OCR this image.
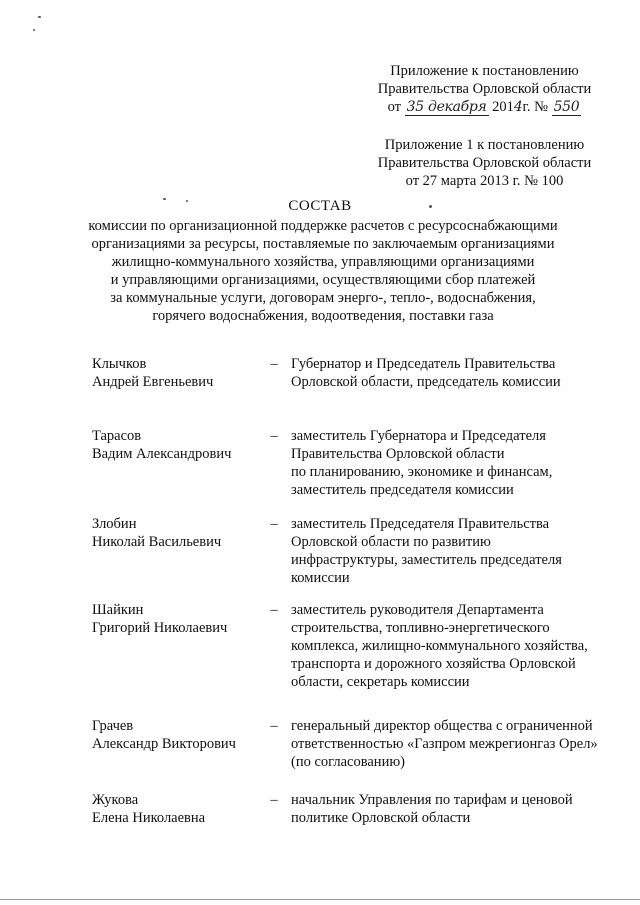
Приложение к постановлению
Правительства Орловской области
от 35 декабря 2014г. № 550
Приложение 1 к постановлению
Правительства Орловской области
от 27 марта 2013 г. № 100
СОСТАВ
комиссии по организационной поддержке расчетов с ресурсоснабжающими
организациями за ресурсы, поставляемые по заключаемым организациями
жилищно-коммунального хозяйства, управляющими организациями
и управляющими организациями, осуществляющими сбор платежей
за коммунальные услуги, договорам энерго-, тепло-, водоснабжения,
горячего водоснабжения, водоотведения, поставки газа
Клычков
Андрей Евгеньевич
– Губернатор и Председатель Правительства
Орловской области, председатель комиссии
Тарасов
Вадим Александрович
– заместитель Губернатора и Председателя
Правительства Орловской области
по планированию, экономике и финансам,
заместитель председателя комиссии
Злобин
Николай Васильевич
– заместитель Председателя Правительства
Орловской области по развитию
инфраструктуры, заместитель председателя
комиссии
Шайкин
Григорий Николаевич
– заместитель руководителя Департамента
строительства, топливно-энергетического
комплекса, жилищно-коммунального хозяйства,
транспорта и дорожного хозяйства Орловской
области, секретарь комиссии
Грачев
Александр Викторович
– генеральный директор общества с ограниченной
ответственностью «Газпром межрегионгаз Орел»
(по согласованию)
Жукова
Елена Николаевна
– начальник Управления по тарифам и ценовой
политике Орловской области
